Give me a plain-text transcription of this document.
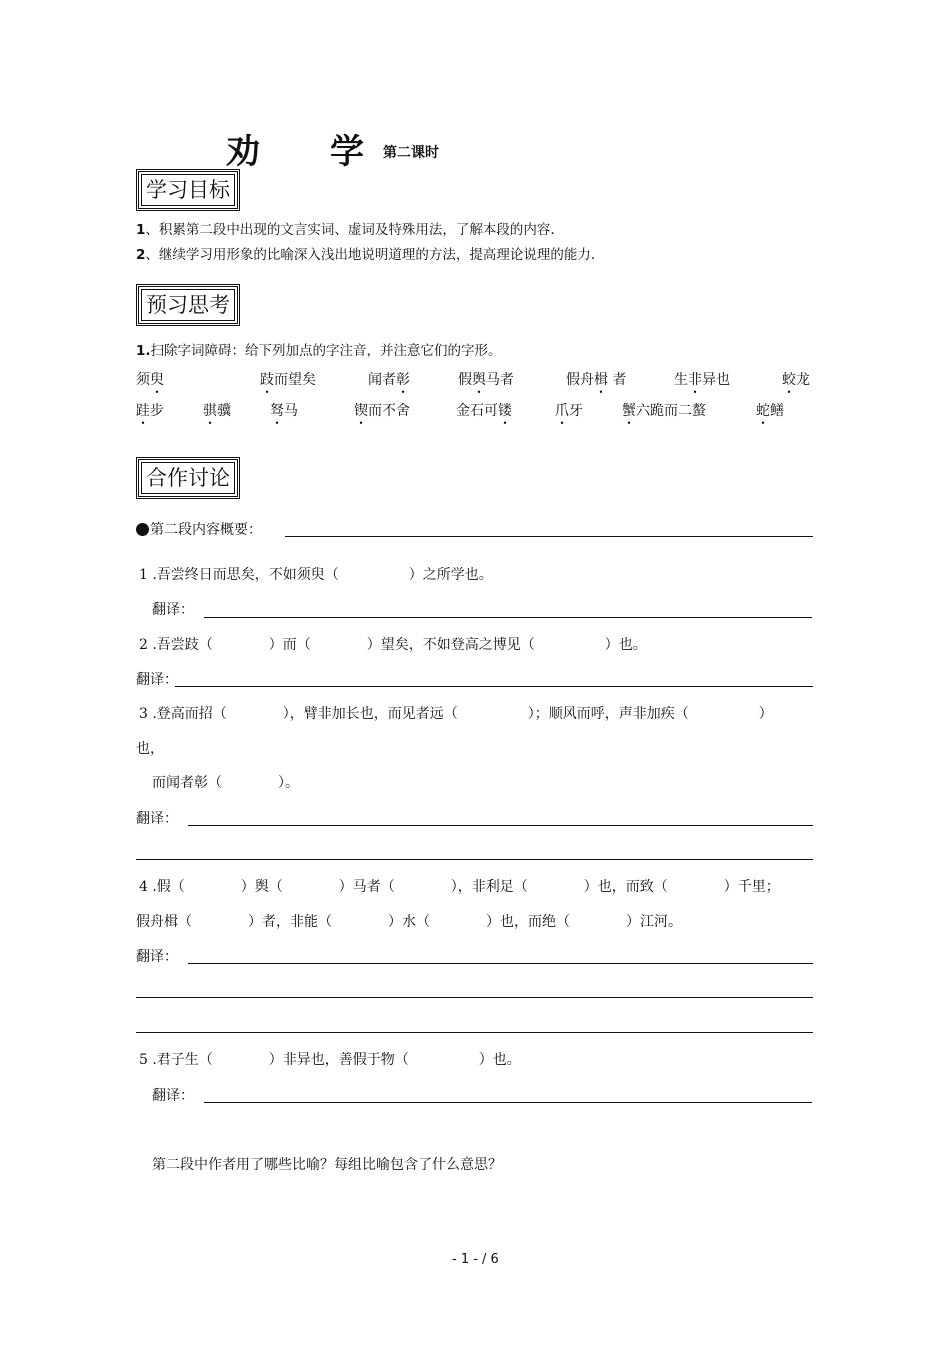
劝 学 第二课时
学习目标
1、积累第二段中出现的文言实词、虚词及特殊用法，了解本段的内容.
2、继续学习用形象的比喻深入浅出地说明道理的方法，提高理论说理的能力.
预习思考
1.扫除字词障碍：给下列加点的字注音，并注意它们的字形。
须臾	跂而望矣	闻者彰	假舆马者	假舟楫 者	生非异也	蛟龙
跬步	骐骥	驽马	锲而不舍	金石可镂	爪牙	蟹六跪而二螯	蛇鳝
合作讨论
第二段内容概要：
1 .吾尝终日而思矣，不如须臾（　　　　　）之所学也。
翻译：
2 .吾尝跂（　　　　）而（　　　　）望矣，不如登高之博见（　　　　　）也。
翻译：
3 .登高而招（　　　　），臂非加长也，而见者远（　　　　　）；顺风而呼，声非加疾（　　　　　）
也，
而闻者彰（　　　　）。
翻译：
4 .假（　　　　）舆（　　　　）马者（　　　　），非利足（　　　　）也，而致（　　　　）千里；
假舟楫（　　　　）者，非能（　　　　）水（　　　　）也，而绝（　　　　）江河。
翻译：
5 .君子生（　　　　）非异也，善假于物（　　　　　）也。
翻译：
第二段中作者用了哪些比喻？每组比喻包含了什么意思？
- 1 - / 6
